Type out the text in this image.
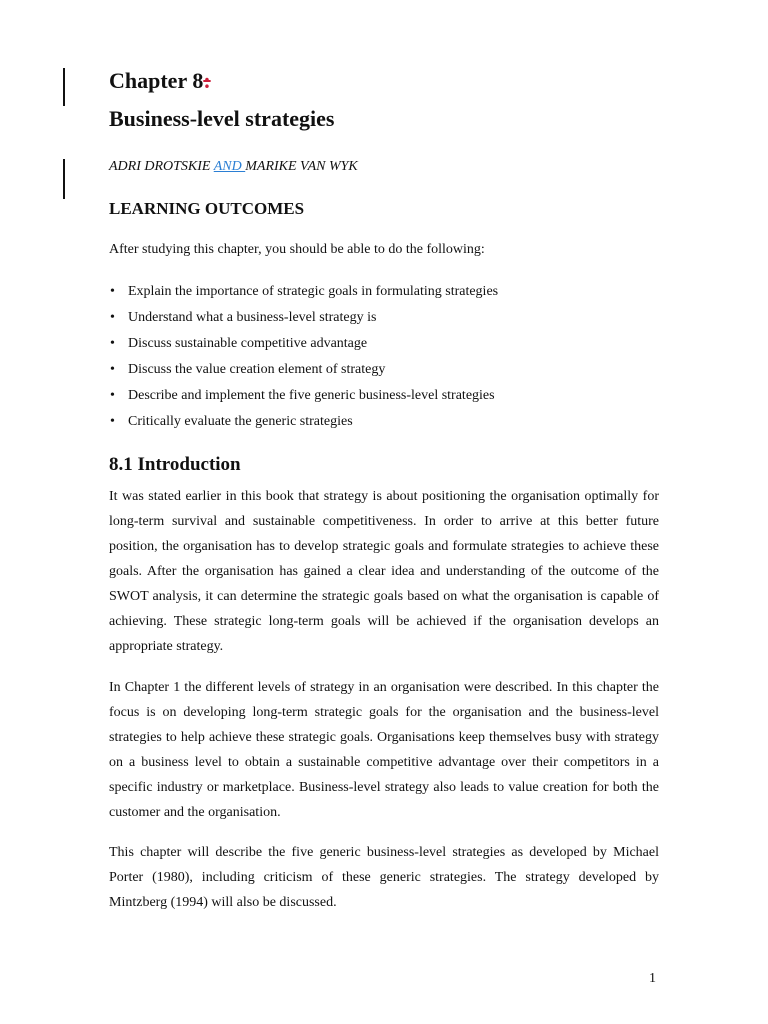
Chapter 8:
Business-level strategies
ADRI DROTSKIE AND MARIKE VAN WYK
LEARNING OUTCOMES
After studying this chapter, you should be able to do the following:
• Explain the importance of strategic goals in formulating strategies
• Understand what a business-level strategy is
• Discuss sustainable competitive advantage
• Discuss the value creation element of strategy
• Describe and implement the five generic business-level strategies
• Critically evaluate the generic strategies
8.1 Introduction

It was stated earlier in this book that strategy is about positioning the organisation optimally for long-term survival and sustainable competitiveness. In order to arrive at this better future position, the organisation has to develop strategic goals and formulate strategies to achieve these goals. After the organisation has gained a clear idea and understanding of the outcome of the SWOT analysis, it can determine the strategic goals based on what the organisation is capable of achieving. These strategic long-term goals will be achieved if the organisation develops an appropriate strategy.

In Chapter 1 the different levels of strategy in an organisation were described. In this chapter the focus is on developing long-term strategic goals for the organisation and the business-level strategies to help achieve these strategic goals. Organisations keep themselves busy with strategy on a business level to obtain a sustainable competitive advantage over their competitors in a specific industry or marketplace. Business-level strategy also leads to value creation for both the customer and the organisation.

This chapter will describe the five generic business-level strategies as developed by Michael Porter (1980), including criticism of these generic strategies. The strategy developed by Mintzberg (1994) will also be discussed.

1
